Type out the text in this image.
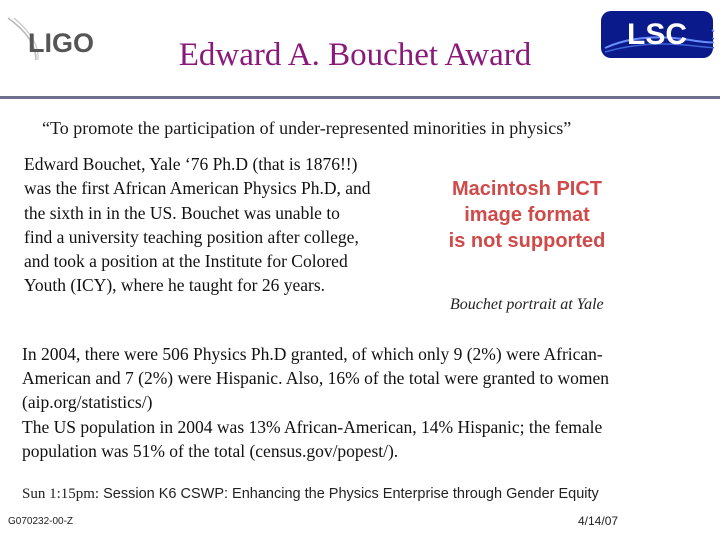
LIGO	Edward A. Bouchet Award
LSC
“To promote the participation of under-represented minorities in physics”
Edward Bouchet, Yale ‘76 Ph.D (that is 1876!!)
was the first African American Physics Ph.D, and
the sixth in in the US. Bouchet was unable to
find a university teaching position after college,
and took a position at the Institute for Colored
Youth (ICY), where he taught for 26 years.
Macintosh PICT
image format
is not supported
Bouchet portrait at Yale
In 2004, there were 506 Physics Ph.D granted, of which only 9 (2%) were African-
American and 7 (2%) were Hispanic. Also, 16% of the total were granted to women
(aip.org/statistics/)
The US population in 2004 was 13% African-American, 14% Hispanic; the female
population was 51% of the total (census.gov/popest/).
Sun 1:15pm: Session K6 CSWP: Enhancing the Physics Enterprise through Gender Equity
G070232-00-Z	4/14/07
